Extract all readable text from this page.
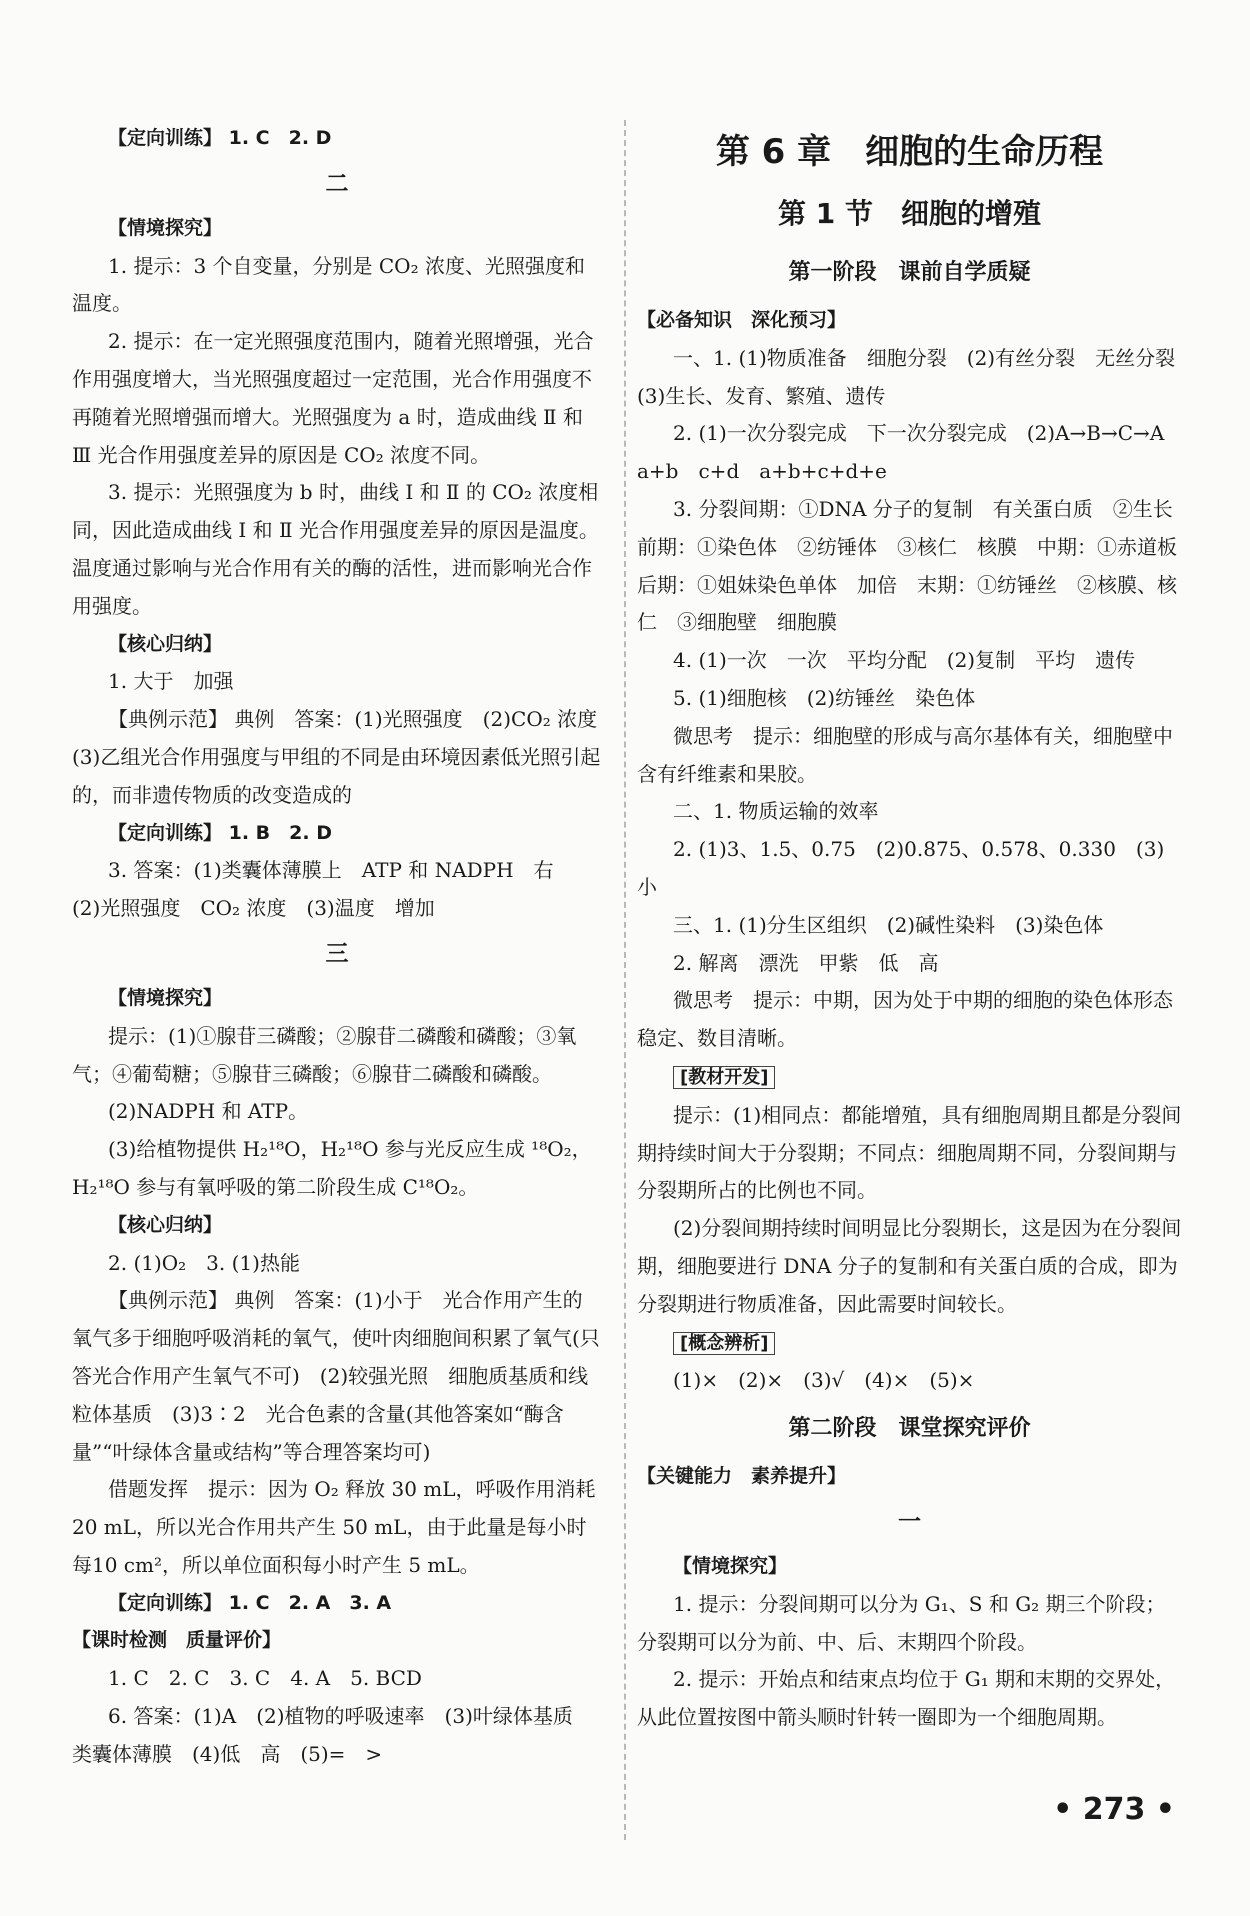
【定向训练】 1. C　2. D

二

【情境探究】

1. 提示：3 个自变量，分别是 CO₂ 浓度、光照强度和温度。

2. 提示：在一定光照强度范围内，随着光照增强，光合作用强度增大，当光照强度超过一定范围，光合作用强度不再随着光照增强而增大。光照强度为 a 时，造成曲线 Ⅱ 和 Ⅲ 光合作用强度差异的原因是 CO₂ 浓度不同。

3. 提示：光照强度为 b 时，曲线 Ⅰ 和 Ⅱ 的 CO₂ 浓度相同，因此造成曲线 Ⅰ 和 Ⅱ 光合作用强度差异的原因是温度。温度通过影响与光合作用有关的酶的活性，进而影响光合作用强度。

【核心归纳】

1. 大于　加强

【典例示范】 典例　答案：(1)光照强度　(2)CO₂ 浓度　(3)乙组光合作用强度与甲组的不同是由环境因素低光照引起的，而非遗传物质的改变造成的

【定向训练】 1. B　2. D

3. 答案：(1)类囊体薄膜上　ATP 和 NADPH　右

(2)光照强度　CO₂ 浓度　(3)温度　增加

三

【情境探究】

提示：(1)①腺苷三磷酸；②腺苷二磷酸和磷酸；③氧气；④葡萄糖；⑤腺苷三磷酸；⑥腺苷二磷酸和磷酸。

(2)NADPH 和 ATP。

(3)给植物提供 H₂¹⁸O，H₂¹⁸O 参与光反应生成 ¹⁸O₂，H₂¹⁸O 参与有氧呼吸的第二阶段生成 C¹⁸O₂。

【核心归纳】

2. (1)O₂　3. (1)热能

【典例示范】 典例　答案：(1)小于　光合作用产生的氧气多于细胞呼吸消耗的氧气，使叶肉细胞间积累了氧气(只答光合作用产生氧气不可)　(2)较强光照　细胞质基质和线粒体基质　(3)3∶2　光合色素的含量(其他答案如“酶含量”“叶绿体含量或结构”等合理答案均可)

借题发挥　提示：因为 O₂ 释放 30 mL，呼吸作用消耗 20 mL，所以光合作用共产生 50 mL，由于此量是每小时每10 cm²，所以单位面积每小时产生 5 mL。

【定向训练】 1. C　2. A　3. A

【课时检测　质量评价】

1. C　2. C　3. C　4. A　5. BCD

6. 答案：(1)A　(2)植物的呼吸速率　(3)叶绿体基质　类囊体薄膜　(4)低　高　(5)=　>

第 6 章　细胞的生命历程

第 1 节　细胞的增殖

第一阶段　课前自学质疑

【必备知识　深化预习】

一、1. (1)物质准备　细胞分裂　(2)有丝分裂　无丝分裂　(3)生长、发育、繁殖、遗传

2. (1)一次分裂完成　下一次分裂完成　(2)A→B→C→A　a+b　c+d　a+b+c+d+e

3. 分裂间期：①DNA 分子的复制　有关蛋白质　②生长　前期：①染色体　②纺锤体　③核仁　核膜　中期：①赤道板　后期：①姐妹染色单体　加倍　末期：①纺锤丝　②核膜、核仁　③细胞壁　细胞膜

4. (1)一次　一次　平均分配　(2)复制　平均　遗传

5. (1)细胞核　(2)纺锤丝　染色体

微思考　提示：细胞壁的形成与高尔基体有关，细胞壁中含有纤维素和果胶。

二、1. 物质运输的效率

2. (1)3、1.5、0.75　(2)0.875、0.578、0.330　(3)小

三、1. (1)分生区组织　(2)碱性染料　(3)染色体

2. 解离　漂洗　甲紫　低　高

微思考　提示：中期，因为处于中期的细胞的染色体形态稳定、数目清晰。

[教材开发]

提示：(1)相同点：都能增殖，具有细胞周期且都是分裂间期持续时间大于分裂期；不同点：细胞周期不同，分裂间期与分裂期所占的比例也不同。

(2)分裂间期持续时间明显比分裂期长，这是因为在分裂间期，细胞要进行 DNA 分子的复制和有关蛋白质的合成，即为分裂期进行物质准备，因此需要时间较长。

[概念辨析]

(1)×　(2)×　(3)√　(4)×　(5)×

第二阶段　课堂探究评价

【关键能力　素养提升】

一

【情境探究】

1. 提示：分裂间期可以分为 G₁、S 和 G₂ 期三个阶段；分裂期可以分为前、中、后、末期四个阶段。

2. 提示：开始点和结束点均位于 G₁ 期和末期的交界处，从此位置按图中箭头顺时针转一圈即为一个细胞周期。

• 273 •
